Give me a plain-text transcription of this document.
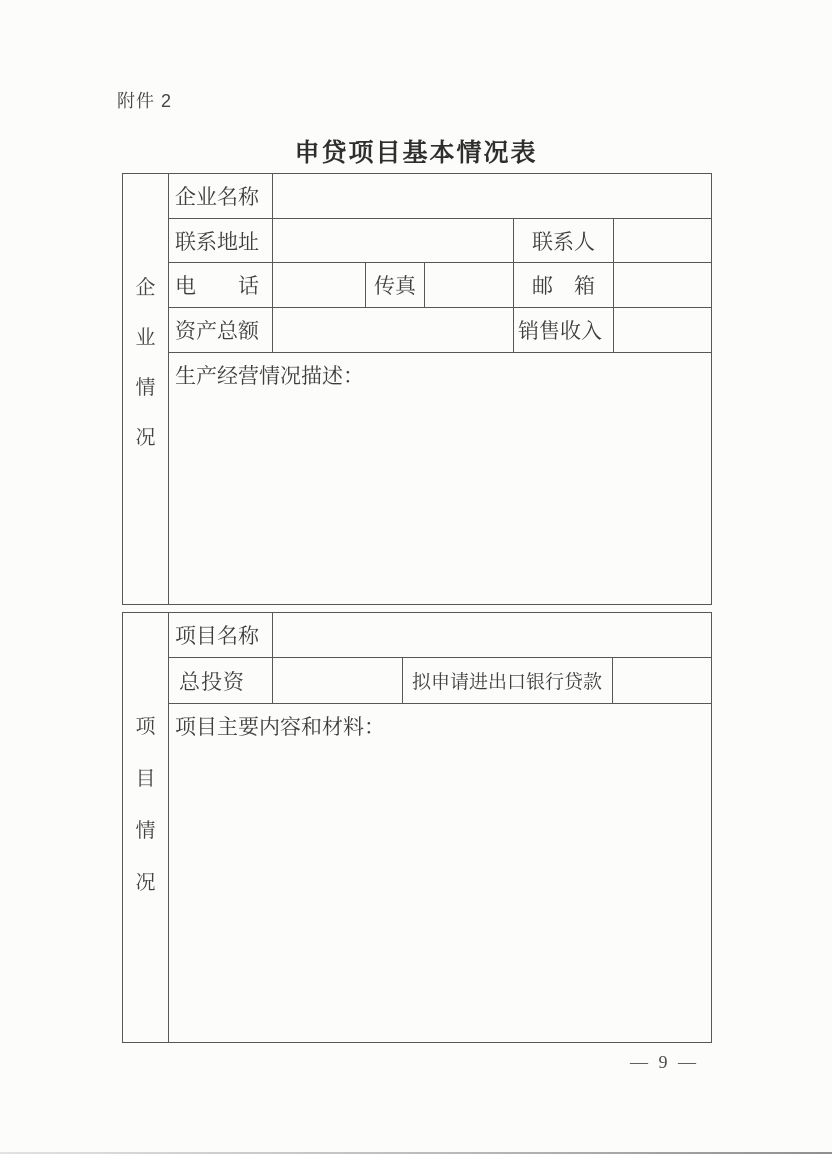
附件 2
申贷项目基本情况表
企
业
情
况
企业名称
联系地址	联系人
电　　话	传真	邮　箱
资产总额	销售收入
生产经营情况描述：
项
目
情
况
项目名称
总投资	拟申请进出口银行贷款
项目主要内容和材料：
— 9 —
